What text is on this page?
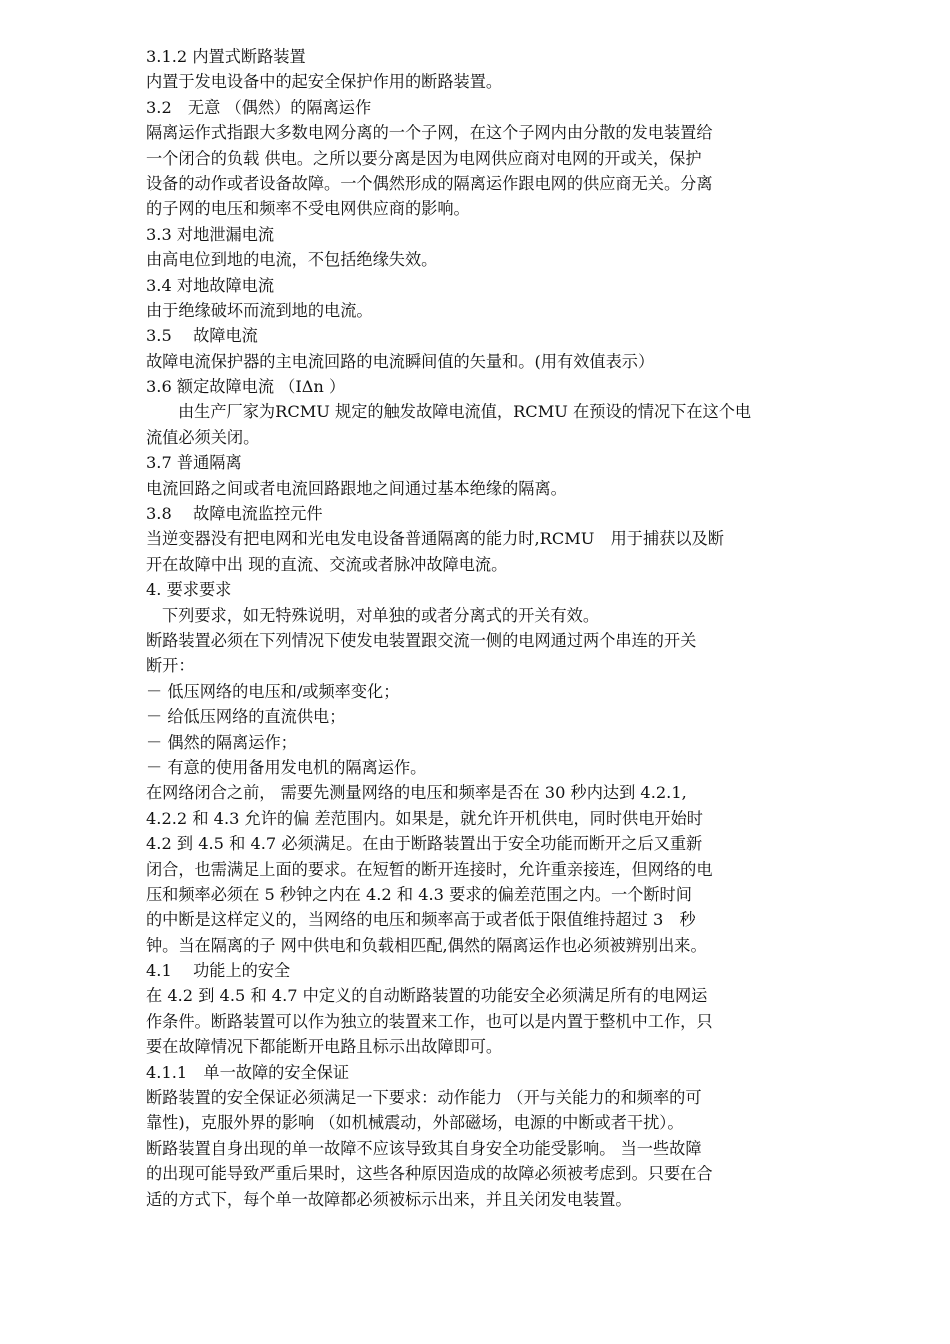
3.1.2 内置式断路装置
内置于发电设备中的起安全保护作用的断路装置。
3.2　无意 （偶然）的隔离运作
隔离运作式指跟大多数电网分离的一个子网，在这个子网内由分散的发电装置给
一个闭合的负载 供电。之所以要分离是因为电网供应商对电网的开或关，保护
设备的动作或者设备故障。一个偶然形成的隔离运作跟电网的供应商无关。分离
的子网的电压和频率不受电网供应商的影响。
3.3 对地泄漏电流
由高电位到地的电流，不包括绝缘失效。
3.4 对地故障电流
由于绝缘破坏而流到地的电流。
3.5　 故障电流
故障电流保护器的主电流回路的电流瞬间值的矢量和。(用有效值表示）
3.6 额定故障电流 （IΔn ）
由生产厂家为RCMU 规定的触发故障电流值，RCMU 在预设的情况下在这个电
流值必须关闭。
3.7 普通隔离
电流回路之间或者电流回路跟地之间通过基本绝缘的隔离。
3.8　 故障电流监控元件
当逆变器没有把电网和光电发电设备普通隔离的能力时,RCMU　用于捕获以及断
开在故障中出 现的直流、交流或者脉冲故障电流。
4. 要求要求
下列要求，如无特殊说明，对单独的或者分离式的开关有效。
断路装置必须在下列情况下使发电装置跟交流一侧的电网通过两个串连的开关
断开：
－ 低压网络的电压和/或频率变化；
－ 给低压网络的直流供电；
－ 偶然的隔离运作；
－ 有意的使用备用发电机的隔离运作。
在网络闭合之前， 需要先测量网络的电压和频率是否在 30 秒内达到 4.2.1,
4.2.2 和 4.3 允许的偏 差范围内。如果是，就允许开机供电，同时供电开始时
4.2 到 4.5 和 4.7 必须满足。在由于断路装置出于安全功能而断开之后又重新
闭合，也需满足上面的要求。在短暂的断开连接时，允许重亲接连，但网络的电
压和频率必须在 5 秒钟之内在 4.2 和 4.3 要求的偏差范围之内。一个断时间
的中断是这样定义的，当网络的电压和频率高于或者低于限值维持超过 3　秒
钟。当在隔离的子 网中供电和负载相匹配,偶然的隔离运作也必须被辨别出来。
4.1　 功能上的安全
在 4.2 到 4.5 和 4.7 中定义的自动断路装置的功能安全必须满足所有的电网运
作条件。断路装置可以作为独立的装置来工作，也可以是内置于整机中工作，只
要在故障情况下都能断开电路且标示出故障即可。
4.1.1　单一故障的安全保证
断路装置的安全保证必须满足一下要求：动作能力 （开与关能力的和频率的可
靠性)，克服外界的影响 （如机械震动，外部磁场，电源的中断或者干扰）。
断路装置自身出现的单一故障不应该导致其自身安全功能受影响。 当一些故障
的出现可能导致严重后果时，这些各种原因造成的故障必须被考虑到。只要在合
适的方式下，每个单一故障都必须被标示出来，并且关闭发电装置。
